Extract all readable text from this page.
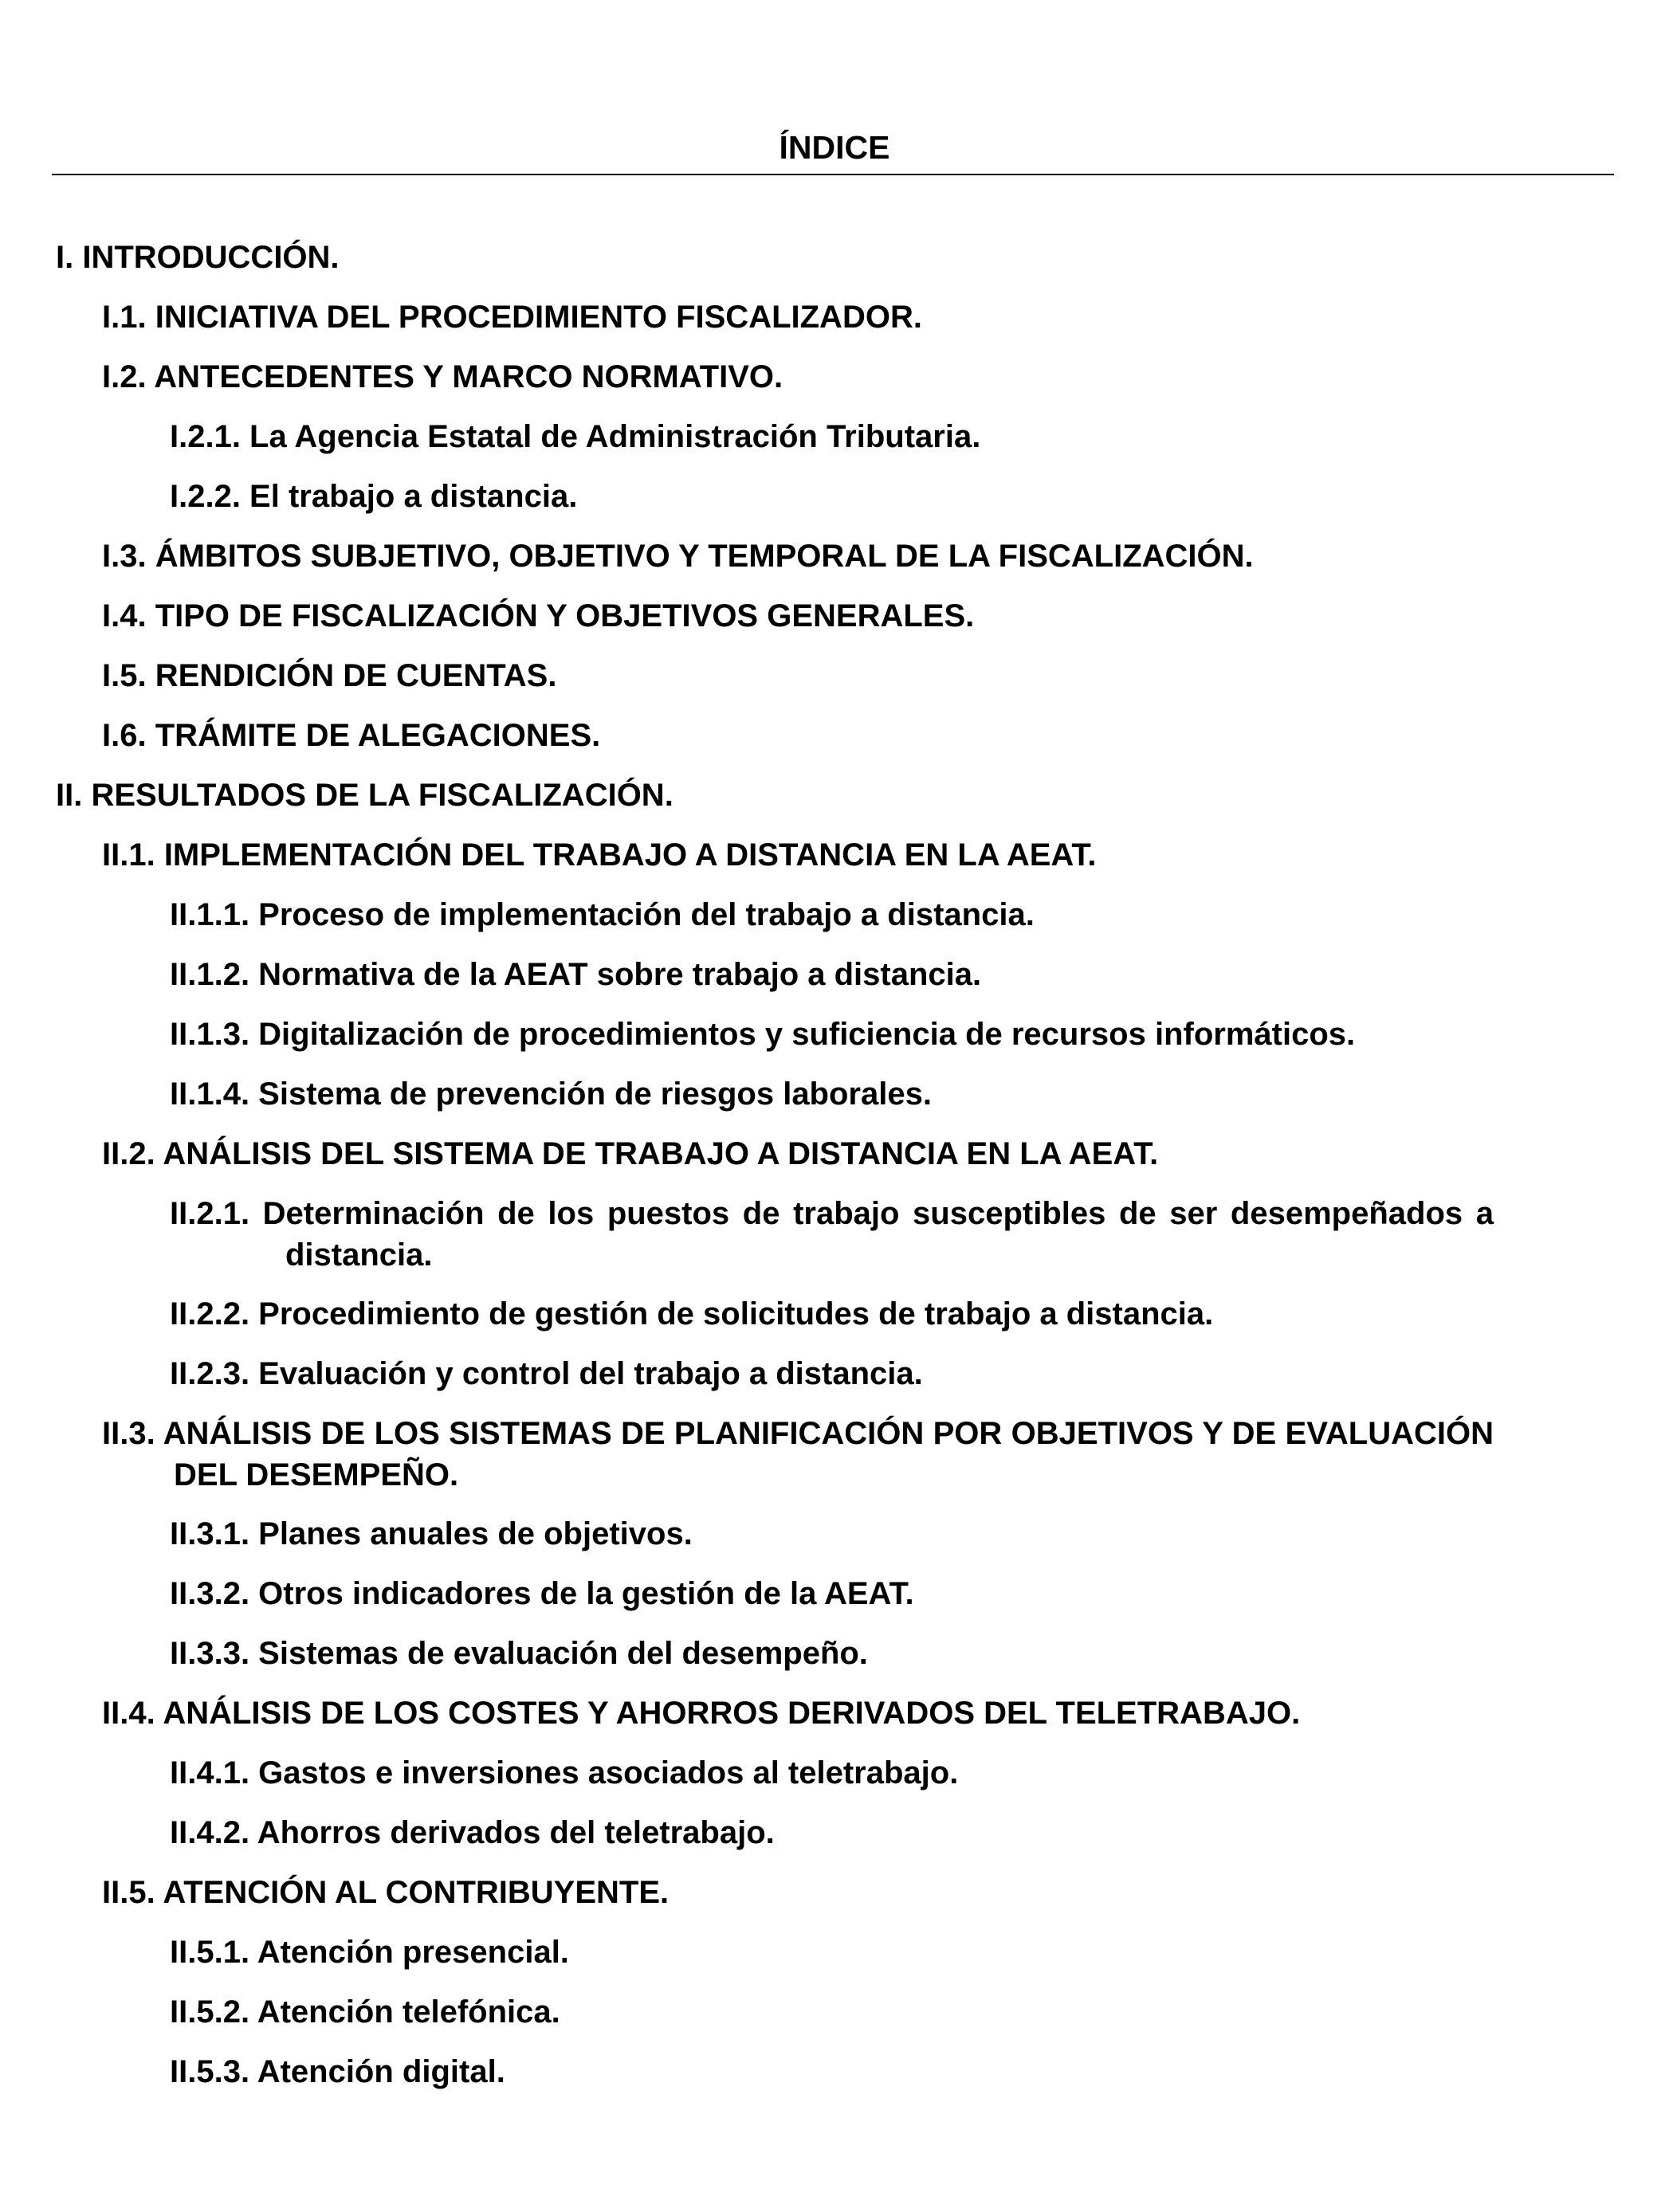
ÍNDICE
I. INTRODUCCIÓN.
I.1. INICIATIVA DEL PROCEDIMIENTO FISCALIZADOR.
I.2. ANTECEDENTES Y MARCO NORMATIVO.
I.2.1. La Agencia Estatal de Administración Tributaria.
I.2.2. El trabajo a distancia.
I.3. ÁMBITOS SUBJETIVO, OBJETIVO Y TEMPORAL DE LA FISCALIZACIÓN.
I.4. TIPO DE FISCALIZACIÓN Y OBJETIVOS GENERALES.
I.5. RENDICIÓN DE CUENTAS.
I.6. TRÁMITE DE ALEGACIONES.
II. RESULTADOS DE LA FISCALIZACIÓN.
II.1. IMPLEMENTACIÓN DEL TRABAJO A DISTANCIA EN LA AEAT.
II.1.1. Proceso de implementación del trabajo a distancia.
II.1.2. Normativa de la AEAT sobre trabajo a distancia.
II.1.3. Digitalización de procedimientos y suficiencia de recursos informáticos.
II.1.4. Sistema de prevención de riesgos laborales.
II.2. ANÁLISIS DEL SISTEMA DE TRABAJO A DISTANCIA EN LA AEAT.
II.2.1. Determinación de los puestos de trabajo susceptibles de ser desempeñados a distancia.
II.2.2. Procedimiento de gestión de solicitudes de trabajo a distancia.
II.2.3. Evaluación y control del trabajo a distancia.
II.3. ANÁLISIS DE LOS SISTEMAS DE PLANIFICACIÓN POR OBJETIVOS Y DE EVALUACIÓN DEL DESEMPEÑO.
II.3.1. Planes anuales de objetivos.
II.3.2. Otros indicadores de la gestión de la AEAT.
II.3.3. Sistemas de evaluación del desempeño.
II.4. ANÁLISIS DE LOS COSTES Y AHORROS DERIVADOS DEL TELETRABAJO.
II.4.1. Gastos e inversiones asociados al teletrabajo.
II.4.2. Ahorros derivados del teletrabajo.
II.5. ATENCIÓN AL CONTRIBUYENTE.
II.5.1. Atención presencial.
II.5.2. Atención telefónica.
II.5.3. Atención digital.
